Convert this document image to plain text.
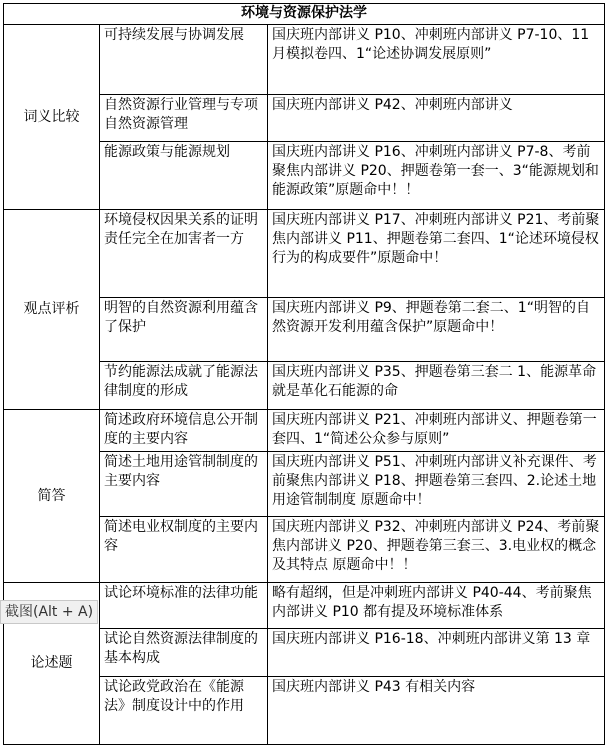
环境与资源保护法学		
词义比较	可持续发展与协调发展	国庆班内部讲义 P10、冲刺班内部讲义 P7-10、11 月模拟卷四、1“论述协调发展原则”
	自然资源行业管理与专项自然资源管理	国庆班内部讲义 P42、冲刺班内部讲义
	能源政策与能源规划	国庆班内部讲义 P16、冲刺班内部讲义 P7-8、考前聚焦内部讲义 P20、押题卷第一套一、3“能源规划和能源政策”原题命中！！
观点评析	环境侵权因果关系的证明责任完全在加害者一方	国庆班内部讲义 P17、冲刺班内部讲义 P21、考前聚焦内部讲义 P11、押题卷第二套四、1“论述环境侵权行为的构成要件”原题命中！
	明智的自然资源利用蕴含了保护	国庆班内部讲义 P9、押题卷第二套二、1“明智的自然资源开发利用蕴含保护”原题命中！
	节约能源法成就了能源法律制度的形成	国庆班内部讲义 P35、押题卷第三套二 1、能源革命就是革化石能源的命
简答	简述政府环境信息公开制度的主要内容	国庆班内部讲义 P21、冲刺班内部讲义、押题卷第一套四、1“简述公众参与原则”
	简述土地用途管制制度的主要内容	国庆班内部讲义 P51、冲刺班内部讲义补充课件、考前聚焦内部讲义 P18、押题卷第三套四、2.论述土地用途管制制度 原题命中！
	简述电业权制度的主要内容	国庆班内部讲义 P32、冲刺班内部讲义 P24、考前聚焦内部讲义 P20、押题卷第三套三、3.电业权的概念及其特点 原题命中！！
论述题	试论环境标准的法律功能	略有超纲，但是冲刺班内部讲义 P40-44、考前聚焦内部讲义 P10 都有提及环境标准体系
	试论自然资源法律制度的基本构成	国庆班内部讲义 P16-18、冲刺班内部讲义第 13 章
	试论政党政治在《能源法》制度设计中的作用	国庆班内部讲义 P43 有相关内容
截图(Alt + A)
